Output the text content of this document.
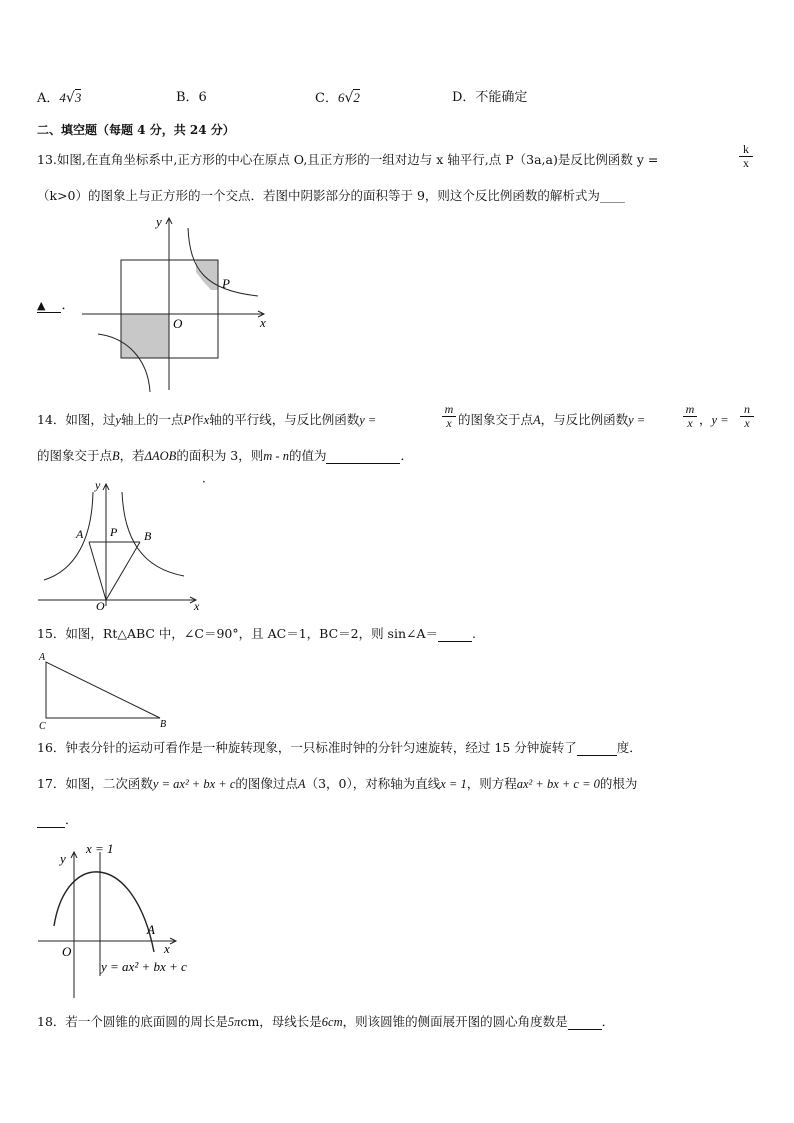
A．4√3	B．6	C．6√2	D．不能确定
二、填空题（每题 4 分，共 24 分）
13.如图,在直角坐标系中,正方形的中心在原点 O,且正方形的一组对边与 x 轴平行,点 P（3a,a)是反比例函数 y =	$\frac{k}{x}$
（k>0）的图象上与正方形的一个交点．若图中阴影部分的面积等于 9，则这个反比例函数的解析式为____
▲ ．
y
x
O
P
14．如图，过y轴上的一点P作x轴的平行线，与反比例函数y =	$\frac{m}{x}$ 的图象交于点A，与反比例函数y =	$\frac{m}{x}$ ，$y = \frac{n}{x}$
的图象交于点B，若ΔAOB的面积为 3，则m - n的值为	．
·
y
x
O
A	B
P
15．如图，Rt△ABC 中，∠C＝90°，且 AC＝1，BC＝2，则 sin∠A＝	.
A
C	B
16．钟表分针的运动可看作是一种旋转现象，一只标准时钟的分针匀速旋转，经过 15 分钟旋转了	度．
17．如图，二次函数y = ax² + bx + c的图像过点A（3，0），对称轴为直线x = 1，则方程ax² + bx + c = 0的根为
．
y
x = 1
A
x
O
y = ax² + bx + c
18．若一个圆锥的底面圆的周长是5πcm，母线长是6cm，则该圆锥的侧面展开图的圆心角度数是	．
